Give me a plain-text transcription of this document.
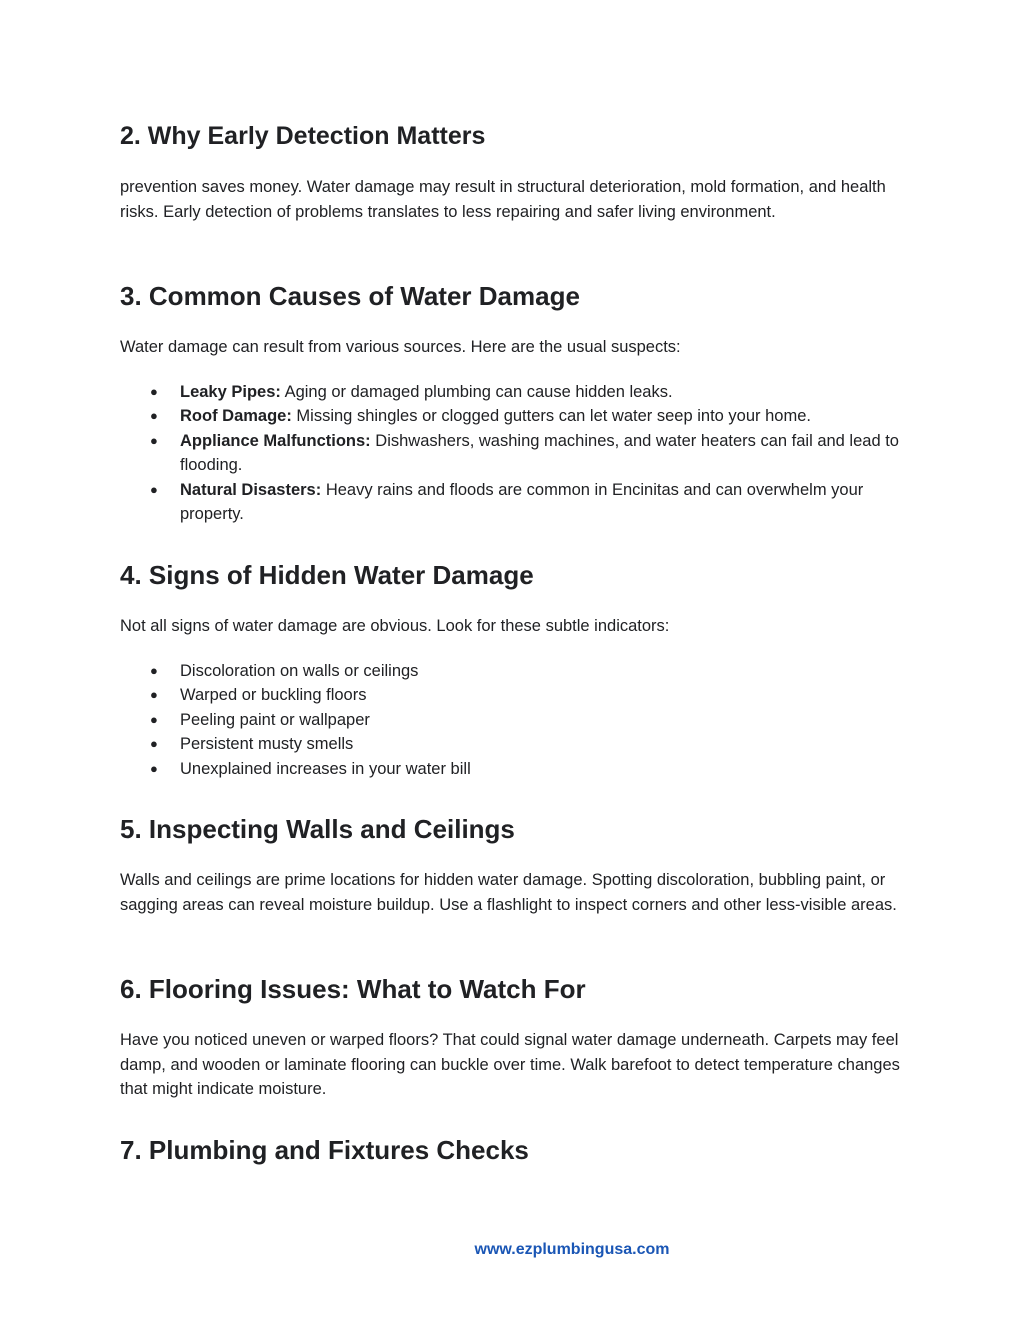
2. Why Early Detection Matters

prevention saves money. Water damage may result in structural deterioration, mold formation, and health risks. Early detection of problems translates to less repairing and safer living environment.

3. Common Causes of Water Damage

Water damage can result from various sources. Here are the usual suspects:

● Leaky Pipes: Aging or damaged plumbing can cause hidden leaks.
● Roof Damage: Missing shingles or clogged gutters can let water seep into your home.
● Appliance Malfunctions: Dishwashers, washing machines, and water heaters can fail and lead to flooding.
● Natural Disasters: Heavy rains and floods are common in Encinitas and can overwhelm your property.
4. Signs of Hidden Water Damage

Not all signs of water damage are obvious. Look for these subtle indicators:

● Discoloration on walls or ceilings
● Warped or buckling floors
● Peeling paint or wallpaper
● Persistent musty smells
● Unexplained increases in your water bill
5. Inspecting Walls and Ceilings

Walls and ceilings are prime locations for hidden water damage. Spotting discoloration, bubbling paint, or sagging areas can reveal moisture buildup. Use a flashlight to inspect corners and other less-visible areas.

6. Flooring Issues: What to Watch For

Have you noticed uneven or warped floors? That could signal water damage underneath. Carpets may feel damp, and wooden or laminate flooring can buckle over time. Walk barefoot to detect temperature changes that might indicate moisture.

7. Plumbing and Fixtures Checks
www.ezplumbingusa.com
